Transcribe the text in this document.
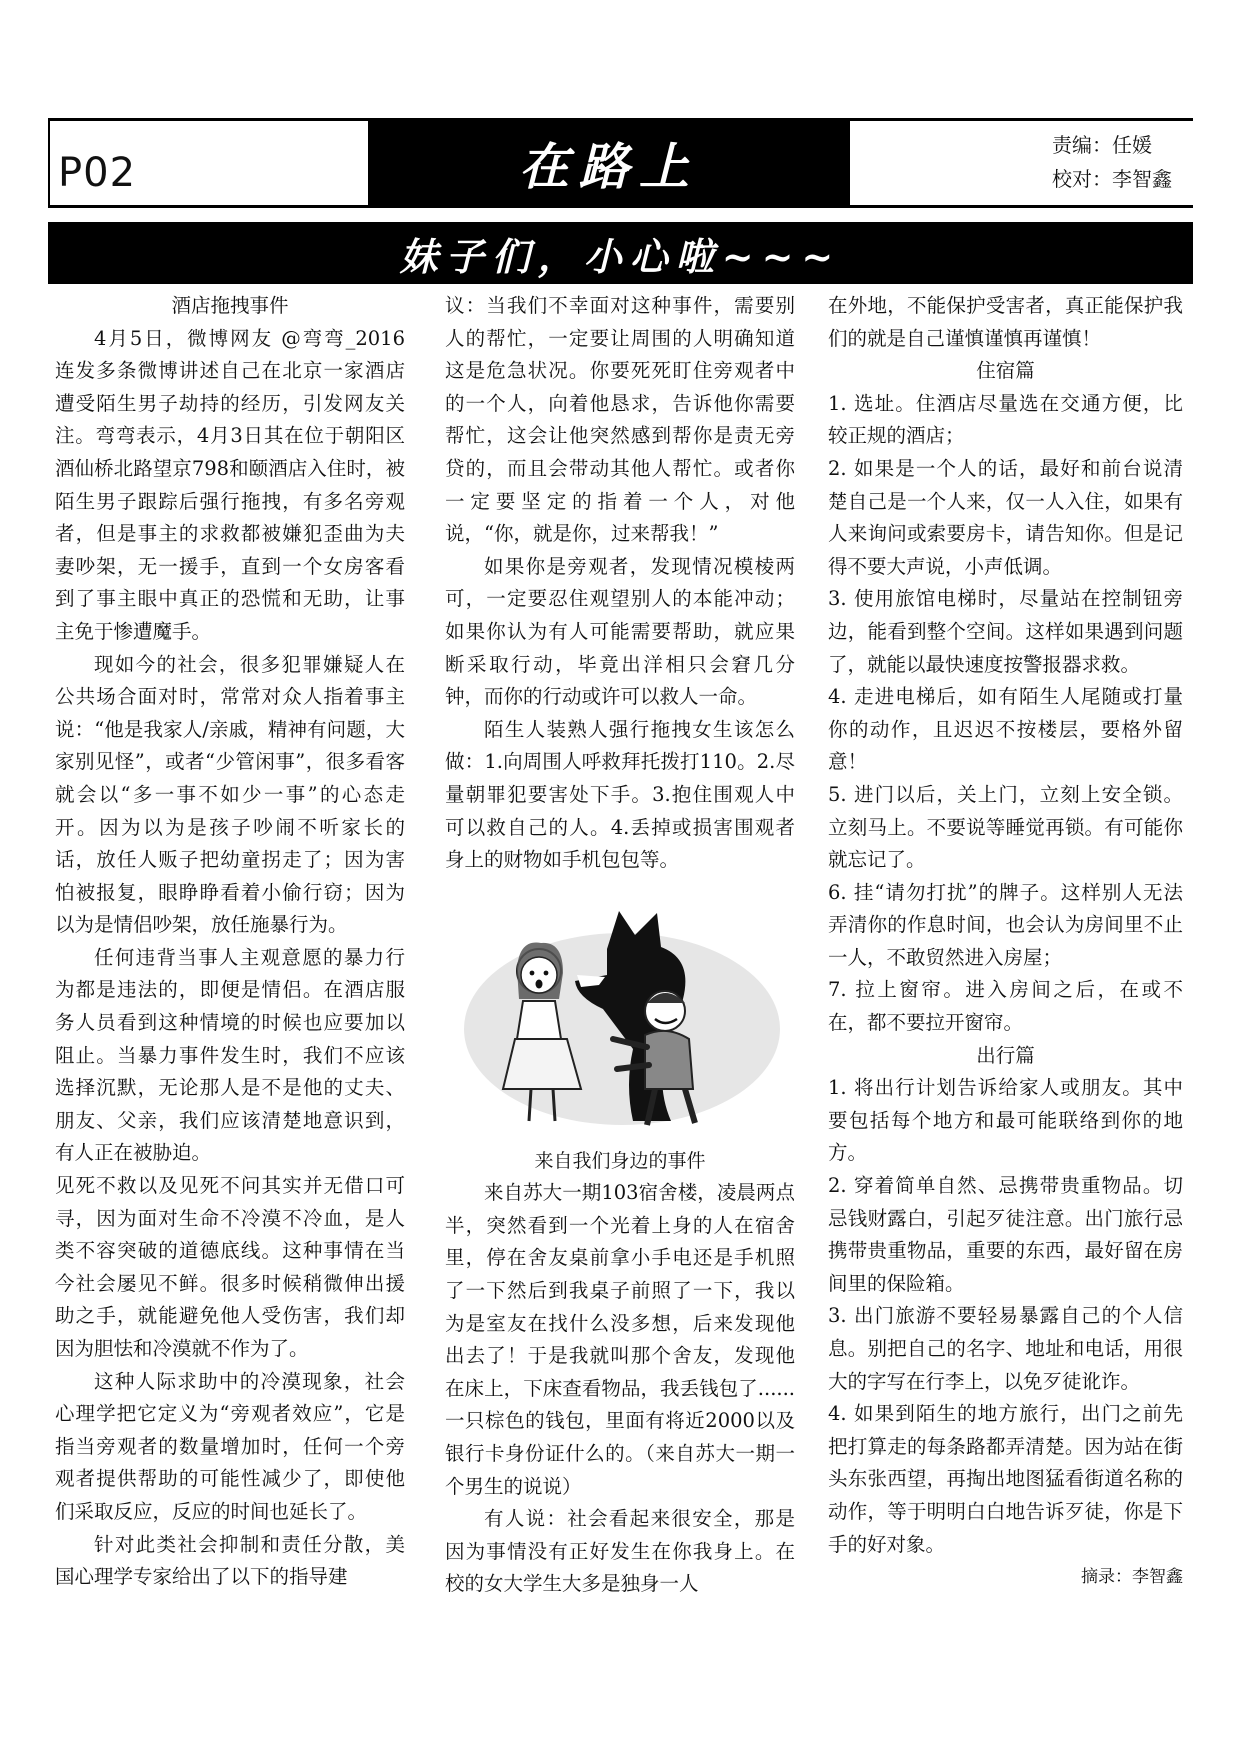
P02	在路上	责编：任媛
校对：李智鑫
妹子们，小心啦~~~

酒店拖拽事件

4月5日，微博网友 @弯弯_2016 连发多条微博讲述自己在北京一家酒店遭受陌生男子劫持的经历，引发网友关注。弯弯表示，4月3日其在位于朝阳区酒仙桥北路望京798和颐酒店入住时，被陌生男子跟踪后强行拖拽，有多名旁观者，但是事主的求救都被嫌犯歪曲为夫妻吵架，无一援手，直到一个女房客看到了事主眼中真正的恐慌和无助，让事主免于惨遭魔手。

现如今的社会，很多犯罪嫌疑人在公共场合面对时，常常对众人指着事主说：“他是我家人/亲戚，精神有问题，大家别见怪”，或者“少管闲事”，很多看客就会以“多一事不如少一事”的心态走开。因为以为是孩子吵闹不听家长的话，放任人贩子把幼童拐走了；因为害怕被报复，眼睁睁看着小偷行窃；因为以为是情侣吵架，放任施暴行为。

任何违背当事人主观意愿的暴力行为都是违法的，即便是情侣。在酒店服务人员看到这种情境的时候也应要加以阻止。当暴力事件发生时，我们不应该选择沉默，无论那人是不是他的丈夫、朋友、父亲，我们应该清楚地意识到，有人正在被胁迫。

见死不救以及见死不问其实并无借口可寻，因为面对生命不冷漠不冷血，是人类不容突破的道德底线。这种事情在当今社会屡见不鲜。很多时候稍微伸出援助之手，就能避免他人受伤害，我们却因为胆怯和冷漠就不作为了。

这种人际求助中的冷漠现象，社会心理学把它定义为“旁观者效应”，它是指当旁观者的数量增加时，任何一个旁观者提供帮助的可能性减少了，即使他们采取反应，反应的时间也延长了。

针对此类社会抑制和责任分散，美国心理学专家给出了以下的指导建

议：当我们不幸面对这种事件，需要别人的帮忙，一定要让周围的人明确知道这是危急状况。你要死死盯住旁观者中的一个人，向着他恳求，告诉他你需要帮忙，这会让他突然感到帮你是责无旁贷的，而且会带动其他人帮忙。或者你一定要坚定的指着一个人，对他说，“你，就是你，过来帮我！”

如果你是旁观者，发现情况模棱两可，一定要忍住观望别人的本能冲动；如果你认为有人可能需要帮助，就应果断采取行动，毕竟出洋相只会窘几分钟，而你的行动或许可以救人一命。

陌生人装熟人强行拖拽女生该怎么做：1.向周围人呼救拜托拨打110。2.尽量朝罪犯要害处下手。3.抱住围观人中可以救自己的人。4.丢掉或损害围观者身上的财物如手机包包等。

来自我们身边的事件

来自苏大一期103宿舍楼，凌晨两点半，突然看到一个光着上身的人在宿舍里，停在舍友桌前拿小手电还是手机照了一下然后到我桌子前照了一下，我以为是室友在找什么没多想，后来发现他出去了！于是我就叫那个舍友，发现他在床上，下床查看物品，我丢钱包了......一只棕色的钱包，里面有将近2000以及银行卡身份证什么的。（来自苏大一期一个男生的说说）

有人说：社会看起来很安全，那是因为事情没有正好发生在你我身上。在校的女大学生大多是独身一人

在外地，不能保护受害者，真正能保护我们的就是自己谨慎谨慎再谨慎！

住宿篇

1. 选址。住酒店尽量选在交通方便，比较正规的酒店；

2. 如果是一个人的话，最好和前台说清楚自己是一个人来，仅一人入住，如果有人来询问或索要房卡，请告知你。但是记得不要大声说，小声低调。

3. 使用旅馆电梯时，尽量站在控制钮旁边，能看到整个空间。这样如果遇到问题了，就能以最快速度按警报器求救。

4. 走进电梯后，如有陌生人尾随或打量你的动作，且迟迟不按楼层，要格外留意！

5. 进门以后，关上门，立刻上安全锁。立刻马上。不要说等睡觉再锁。有可能你就忘记了。

6. 挂“请勿打扰”的牌子。这样别人无法弄清你的作息时间，也会认为房间里不止一人，不敢贸然进入房屋；

7. 拉上窗帘。进入房间之后，在或不在，都不要拉开窗帘。

出行篇

1. 将出行计划告诉给家人或朋友。其中要包括每个地方和最可能联络到你的地方。

2. 穿着简单自然、忌携带贵重物品。切忌钱财露白，引起歹徒注意。出门旅行忌携带贵重物品，重要的东西，最好留在房间里的保险箱。

3. 出门旅游不要轻易暴露自己的个人信息。别把自己的名字、地址和电话，用很大的字写在行李上，以免歹徒讹诈。

4. 如果到陌生的地方旅行，出门之前先把打算走的每条路都弄清楚。因为站在街头东张西望，再掏出地图猛看街道名称的动作，等于明明白白地告诉歹徒，你是下手的好对象。

摘录：李智鑫
